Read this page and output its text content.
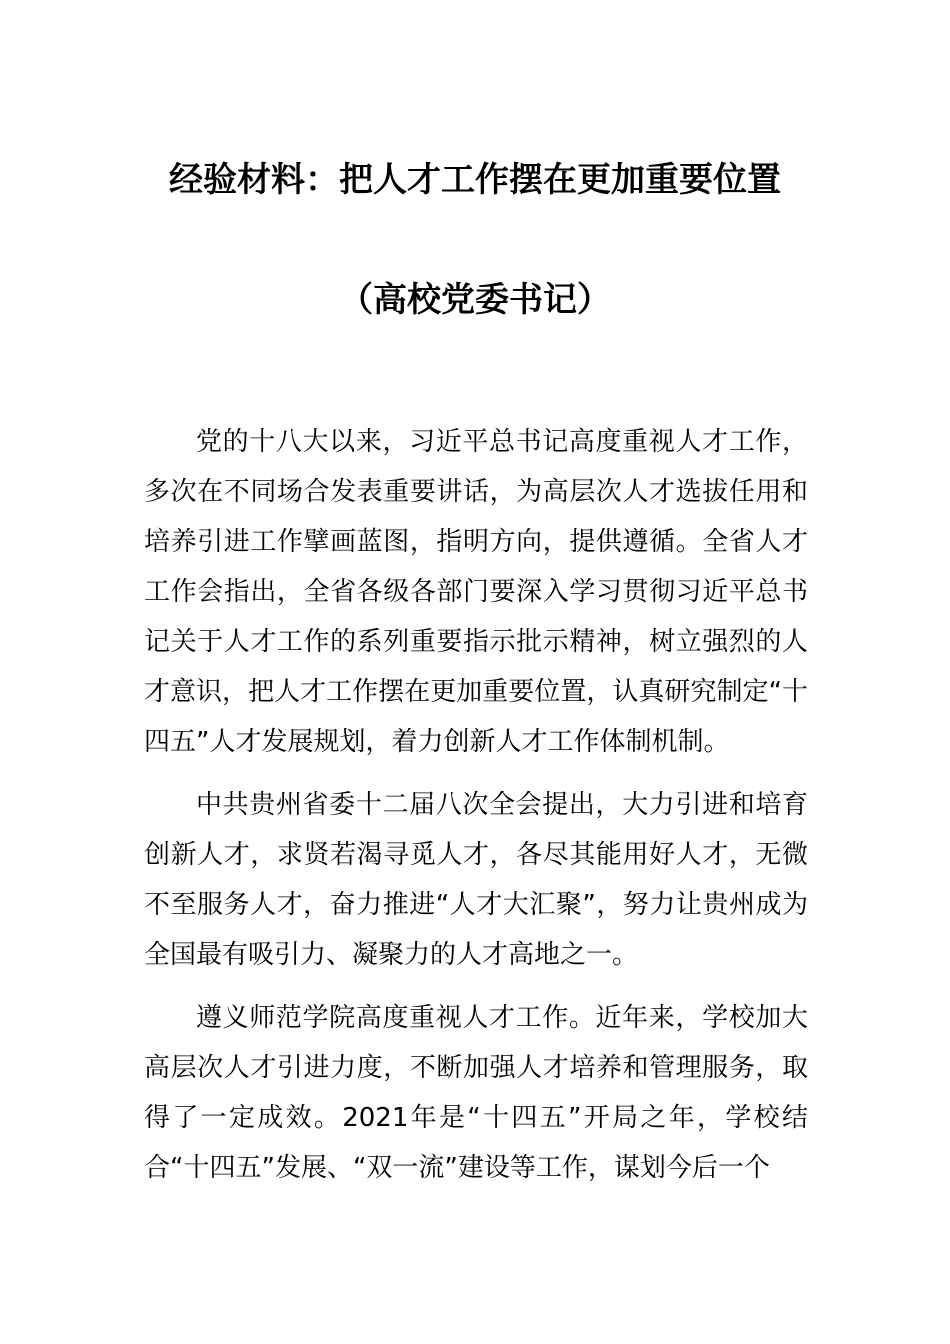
经验材料：把人才工作摆在更加重要位置
（高校党委书记）

党的十八大以来，习近平总书记高度重视人才工作，多次在不同场合发表重要讲话，为高层次人才选拔任用和培养引进工作擘画蓝图，指明方向，提供遵循。全省人才工作会指出，全省各级各部门要深入学习贯彻习近平总书记关于人才工作的系列重要指示批示精神，树立强烈的人才意识，把人才工作摆在更加重要位置，认真研究制定“十四五”人才发展规划，着力创新人才工作体制机制。

中共贵州省委十二届八次全会提出，大力引进和培育创新人才，求贤若渴寻觅人才，各尽其能用好人才，无微不至服务人才，奋力推进“人才大汇聚”，努力让贵州成为全国最有吸引力、凝聚力的人才高地之一。

遵义师范学院高度重视人才工作。近年来，学校加大高层次人才引进力度，不断加强人才培养和管理服务，取得了一定成效。2021年是“十四五”开局之年，学校结合“十四五”发展、“双一流”建设等工作，谋划今后一个
